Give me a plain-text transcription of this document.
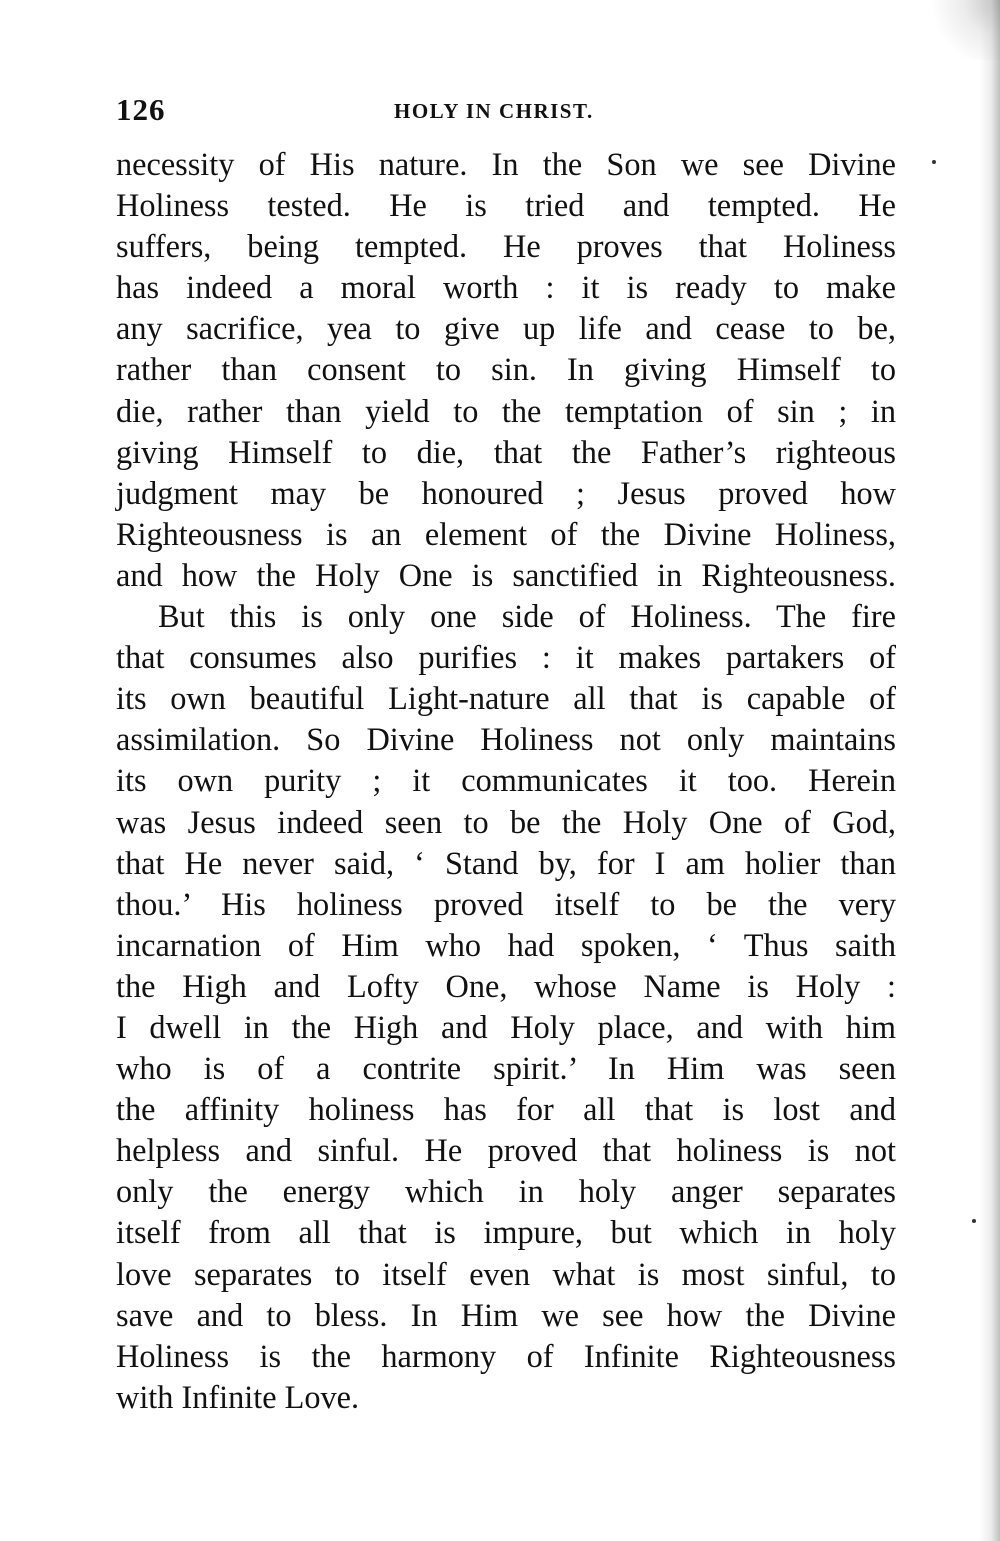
126	HOLY IN CHRIST.

necessity of His nature. In the Son we see Divine
Holiness tested. He is tried and tempted. He
suffers, being tempted. He proves that Holiness
has indeed a moral worth : it is ready to make
any sacrifice, yea to give up life and cease to be,
rather than consent to sin. In giving Himself to
die, rather than yield to the temptation of sin ; in
giving Himself to die, that the Father’s righteous
judgment may be honoured ; Jesus proved how
Righteousness is an element of the Divine Holiness,
and how the Holy One is sanctified in Righteousness.

But this is only one side of Holiness. The fire
that consumes also purifies : it makes partakers of
its own beautiful Light-nature all that is capable of
assimilation. So Divine Holiness not only maintains
its own purity ; it communicates it too. Herein
was Jesus indeed seen to be the Holy One of God,
that He never said, ‘ Stand by, for I am holier than
thou.’ His holiness proved itself to be the very
incarnation of Him who had spoken, ‘ Thus saith
the High and Lofty One, whose Name is Holy :
I dwell in the High and Holy place, and with him
who is of a contrite spirit.’ In Him was seen
the affinity holiness has for all that is lost and
helpless and sinful. He proved that holiness is not
only the energy which in holy anger separates
itself from all that is impure, but which in holy
love separates to itself even what is most sinful, to
save and to bless. In Him we see how the Divine
Holiness is the harmony of Infinite Righteousness
with Infinite Love.
